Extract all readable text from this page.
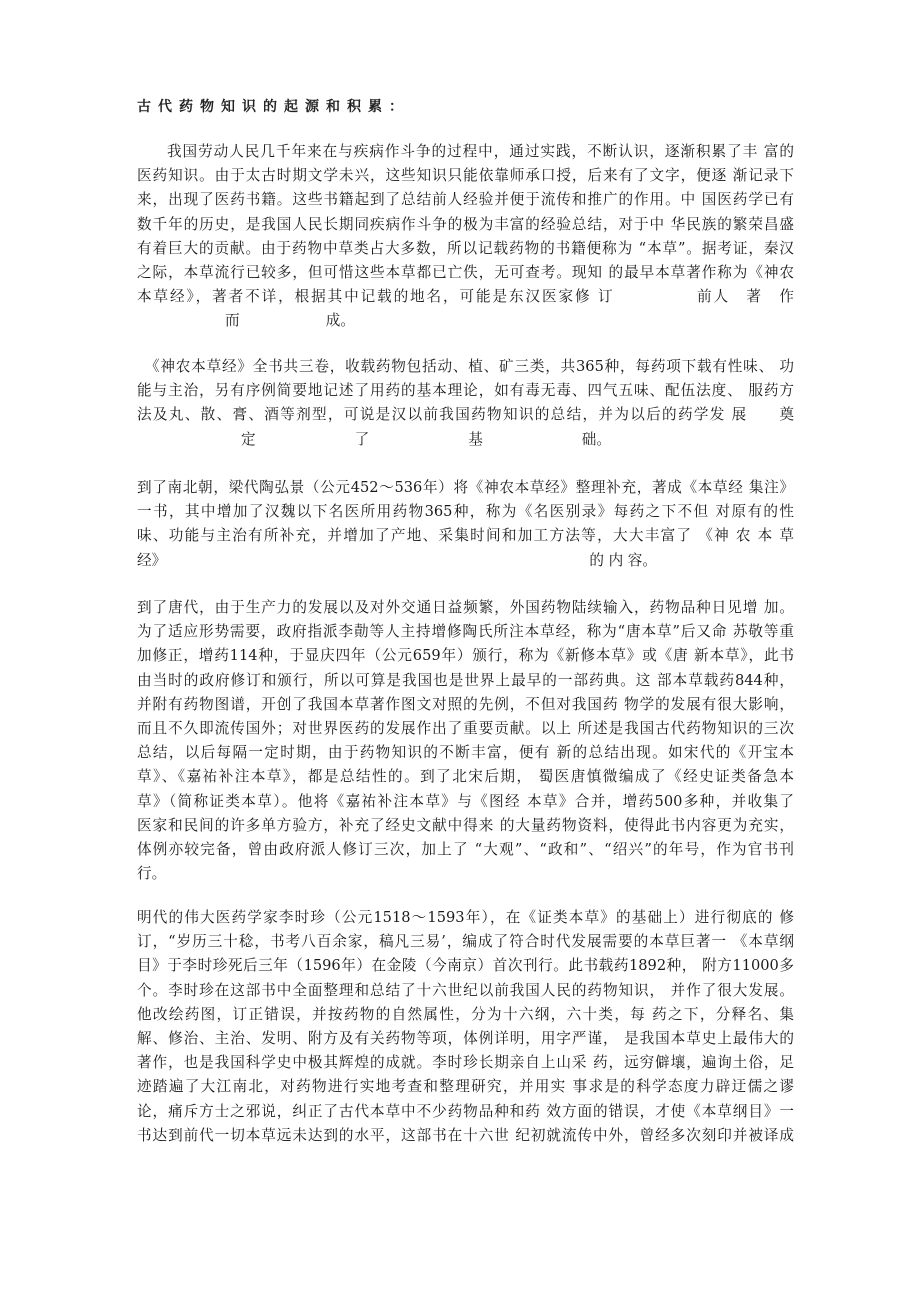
古代药物知识的起源和积累：
我国劳动人民几千年来在与疾病作斗争的过程中，通过实践，不断认识，逐渐积累了丰 富的
医药知识。由于太古时期文学未兴，这些知识只能依靠师承口授，后来有了文字，便逐 渐记录下
来，出现了医药书籍。这些书籍起到了总结前人经验并便于流传和推广的作用。中 国医药学已有
数千年的历史，是我国人民长期同疾病作斗争的极为丰富的经验总结，对于中 华民族的繁荣昌盛
有着巨大的贡献。由于药物中草类占大多数，所以记载药物的书籍便称为 “本草”。据考证，秦汉
之际，本草流行已较多，但可惜这些本草都已亡佚，无可查考。现知 的最早本草著作称为《神农
本草经》，著者不详，根据其中记载的地名，可能是东汉医家修 订　　　　　前人　著　作
而	成。
《神农本草经》全书共三卷，收载药物包括动、植、矿三类，共365种，每药项下载有性味、 功
能与主治，另有序例简要地记述了用药的基本理论，如有毒无毒、四气五味、配伍法度、 服药方
法及丸、散、膏、酒等剂型，可说是汉以前我国药物知识的总结，并为以后的药学发 展　　奠
定	了	基	础。
到了南北朝，梁代陶弘景（公元452～536年）将《神农本草经》整理补充，著成《本草经 集注》
一书，其中增加了汉魏以下名医所用药物365种，称为《名医别录》每药之下不但 对原有的性
味、功能与主治有所补充，并增加了产地、采集时间和加工方法等，大大丰富了 《神 农 本 草
经》	的 内 容。
到了唐代，由于生产力的发展以及对外交通日益频繁，外国药物陆续输入，药物品种日见增 加。
为了适应形势需要，政府指派李勣等人主持增修陶氏所注本草经，称为“唐本草”后又命 苏敬等重
加修正，增药114种，于显庆四年（公元659年）颁行，称为《新修本草》或《唐 新本草》，此书
由当时的政府修订和颁行，所以可算是我国也是世界上最早的一部药典。这 部本草载药844种，
并附有药物图谱，开创了我国本草著作图文对照的先例，不但对我国药 物学的发展有很大影响，
而且不久即流传国外；对世界医药的发展作出了重要贡献。以上 所述是我国古代药物知识的三次
总结，以后每隔一定时期，由于药物知识的不断丰富，便有 新的总结出现。如宋代的《开宝本
草》、《嘉祐补注本草》，都是总结性的。到了北宋后期， 蜀医唐慎微编成了《经史证类备急本
草》（简称证类本草）。他将《嘉祐补注本草》与《图经 本草》合并，增药500多种，并收集了
医家和民间的许多单方验方，补充了经史文献中得来 的大量药物资料，使得此书内容更为充实，
体例亦较完备，曾由政府派人修订三次，加上了 “大观”、“政和”、“绍兴”的年号，作为官书刊
行。
明代的伟大医药学家李时珍（公元1518～1593年），在《证类本草》的基础上）进行彻底的 修
订，“岁历三十稔，书考八百余家，稿凡三易’，编成了符合时代发展需要的本草巨著一 《本草纲
目》于李时珍死后三年（1596年）在金陵（今南京）首次刊行。此书载药1892种， 附方11000多
个。李时珍在这部书中全面整理和总结了十六世纪以前我国人民的药物知识， 并作了很大发展。
他改绘药图，订正错误，并按药物的自然属性，分为十六纲，六十类，每 药之下，分释名、集
解、修治、主治、发明、附方及有关药物等项，体例详明，用字严谨， 是我国本草史上最伟大的
著作，也是我国科学史中极其辉煌的成就。李时珍长期亲自上山采 药，远穷僻壤，遍询土俗，足
迹踏遍了大江南北，对药物进行实地考查和整理研究，并用实 事求是的科学态度力辟迂儒之谬
论，痛斥方士之邪说，纠正了古代本草中不少药物品种和药 效方面的错误，才使《本草纲目》一
书达到前代一切本草远未达到的水平，这部书在十六世 纪初就流传中外，曾经多次刻印并被译成
